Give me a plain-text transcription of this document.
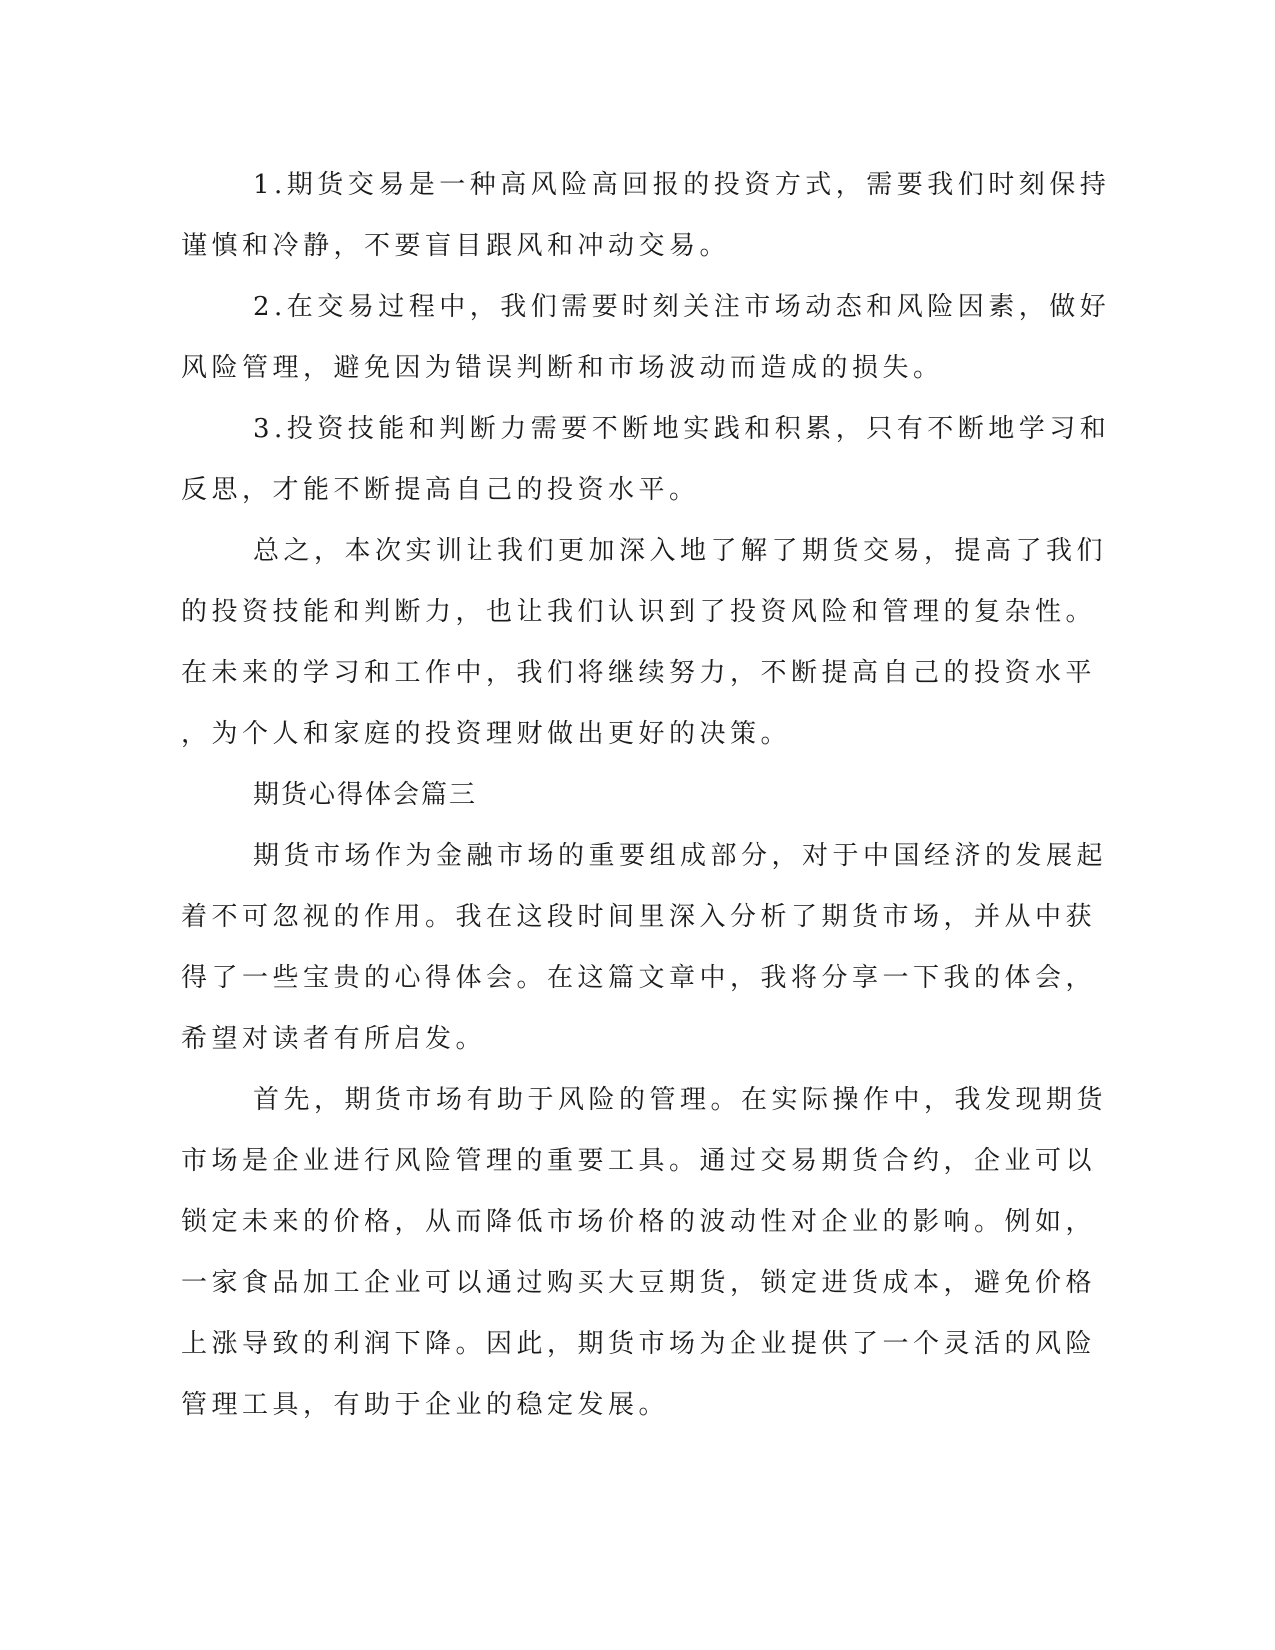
1.期货交易是一种高风险高回报的投资方式，需要我们时刻保持
谨慎和冷静，不要盲目跟风和冲动交易。

2.在交易过程中，我们需要时刻关注市场动态和风险因素，做好
风险管理，避免因为错误判断和市场波动而造成的损失。

3.投资技能和判断力需要不断地实践和积累，只有不断地学习和
反思，才能不断提高自己的投资水平。

总之，本次实训让我们更加深入地了解了期货交易，提高了我们
的投资技能和判断力，也让我们认识到了投资风险和管理的复杂性。
在未来的学习和工作中，我们将继续努力，不断提高自己的投资水平
，为个人和家庭的投资理财做出更好的决策。

期货心得体会篇三

期货市场作为金融市场的重要组成部分，对于中国经济的发展起
着不可忽视的作用。我在这段时间里深入分析了期货市场，并从中获
得了一些宝贵的心得体会。在这篇文章中，我将分享一下我的体会，
希望对读者有所启发。

首先，期货市场有助于风险的管理。在实际操作中，我发现期货
市场是企业进行风险管理的重要工具。通过交易期货合约，企业可以
锁定未来的价格，从而降低市场价格的波动性对企业的影响。例如，
一家食品加工企业可以通过购买大豆期货，锁定进货成本，避免价格
上涨导致的利润下降。因此，期货市场为企业提供了一个灵活的风险
管理工具，有助于企业的稳定发展。
